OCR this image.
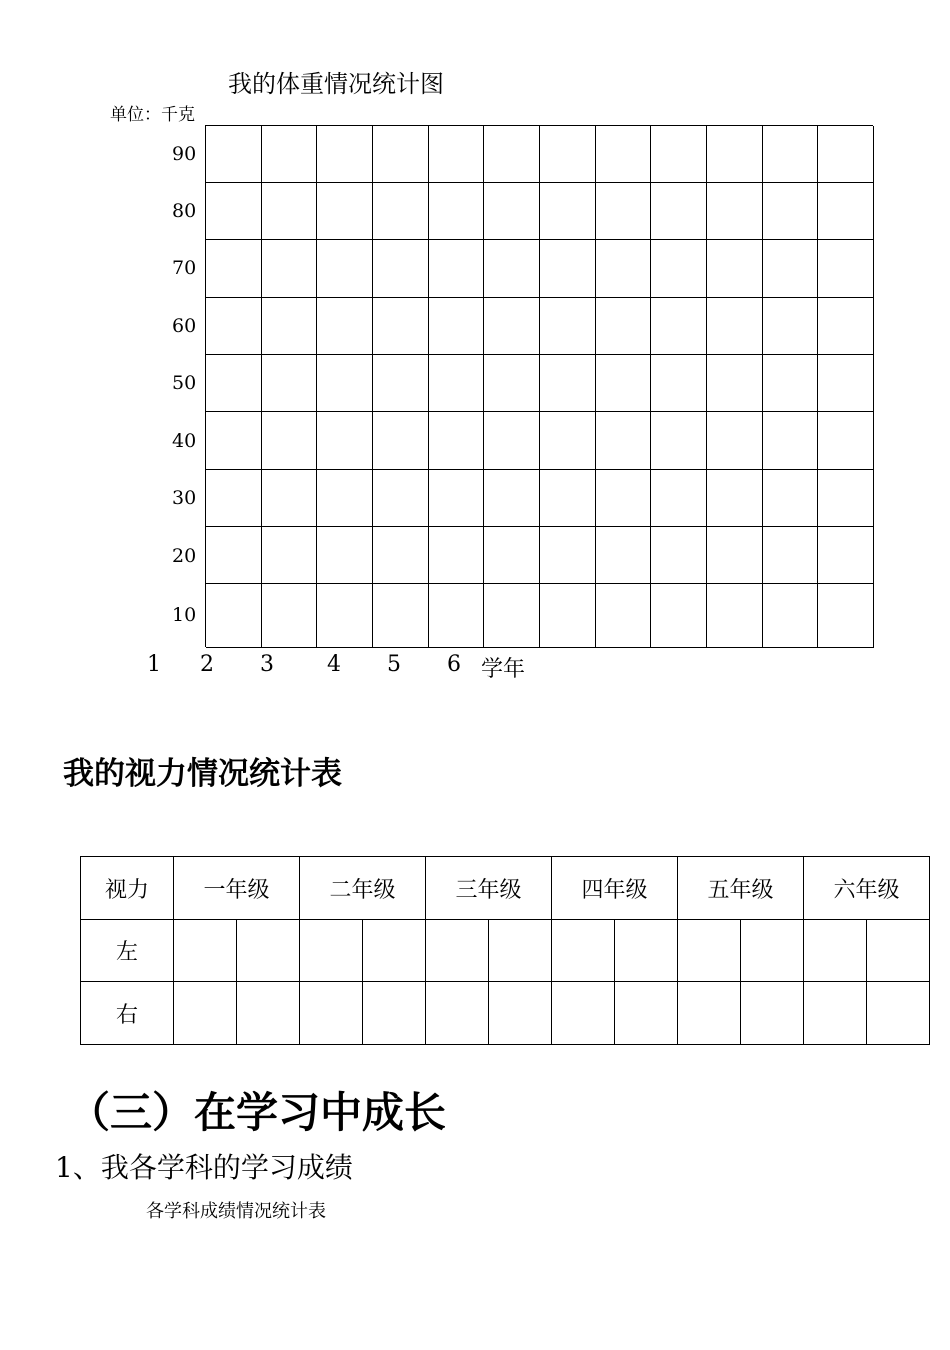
我的体重情况统计图
单位：千克
90
80
70
60
50
40
30
20
10
1 2 3 4 5 6 学年
我的视力情况统计表
视力	一年级		二年级		三年级		四年级		五年级		六年级	
左												
右												
（三）在学习中成长
1、我各学科的学习成绩
各学科成绩情况统计表
